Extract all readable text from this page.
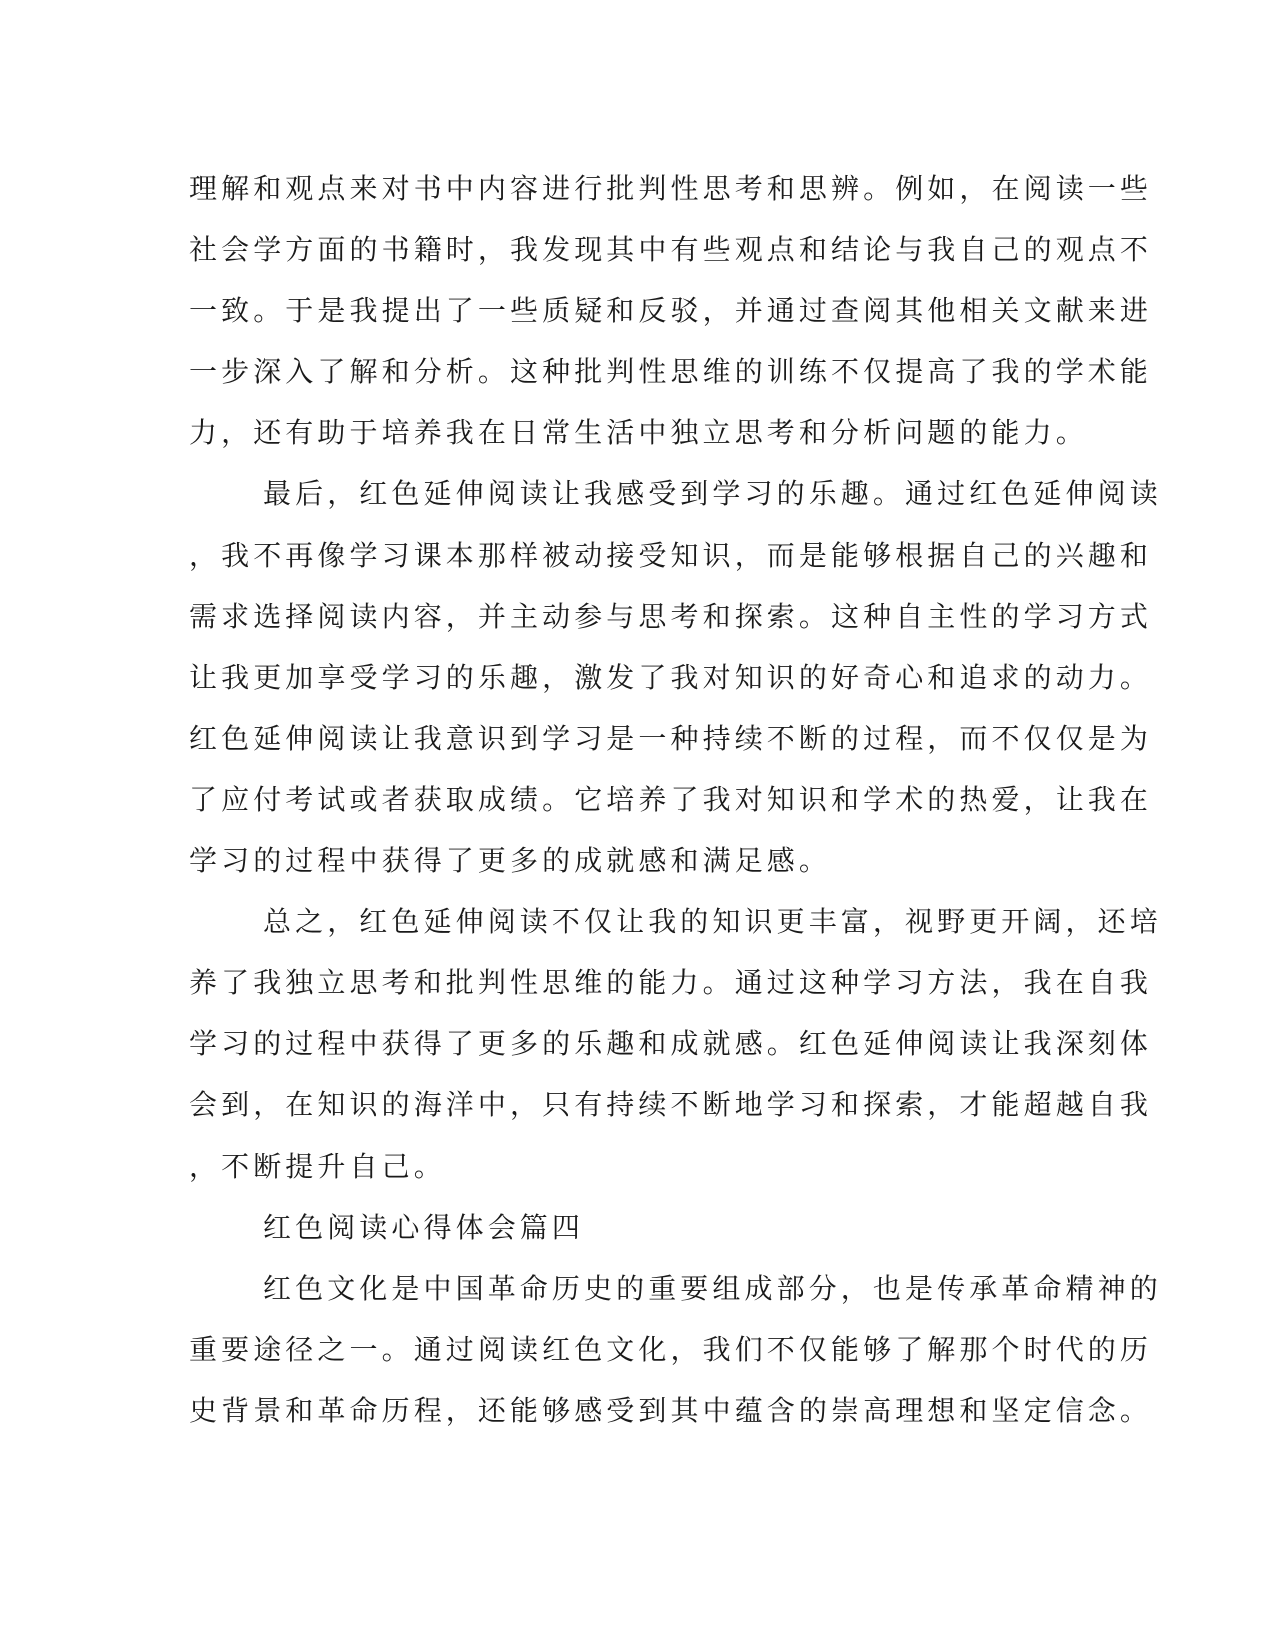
理解和观点来对书中内容进行批判性思考和思辨。例如，在阅读一些

社会学方面的书籍时，我发现其中有些观点和结论与我自己的观点不

一致。于是我提出了一些质疑和反驳，并通过查阅其他相关文献来进

一步深入了解和分析。这种批判性思维的训练不仅提高了我的学术能

力，还有助于培养我在日常生活中独立思考和分析问题的能力。

最后，红色延伸阅读让我感受到学习的乐趣。通过红色延伸阅读

，我不再像学习课本那样被动接受知识，而是能够根据自己的兴趣和

需求选择阅读内容，并主动参与思考和探索。这种自主性的学习方式

让我更加享受学习的乐趣，激发了我对知识的好奇心和追求的动力。

红色延伸阅读让我意识到学习是一种持续不断的过程，而不仅仅是为

了应付考试或者获取成绩。它培养了我对知识和学术的热爱，让我在

学习的过程中获得了更多的成就感和满足感。

总之，红色延伸阅读不仅让我的知识更丰富，视野更开阔，还培

养了我独立思考和批判性思维的能力。通过这种学习方法，我在自我

学习的过程中获得了更多的乐趣和成就感。红色延伸阅读让我深刻体

会到，在知识的海洋中，只有持续不断地学习和探索，才能超越自我

，不断提升自己。

红色阅读心得体会篇四

红色文化是中国革命历史的重要组成部分，也是传承革命精神的

重要途径之一。通过阅读红色文化，我们不仅能够了解那个时代的历

史背景和革命历程，还能够感受到其中蕴含的崇高理想和坚定信念。
